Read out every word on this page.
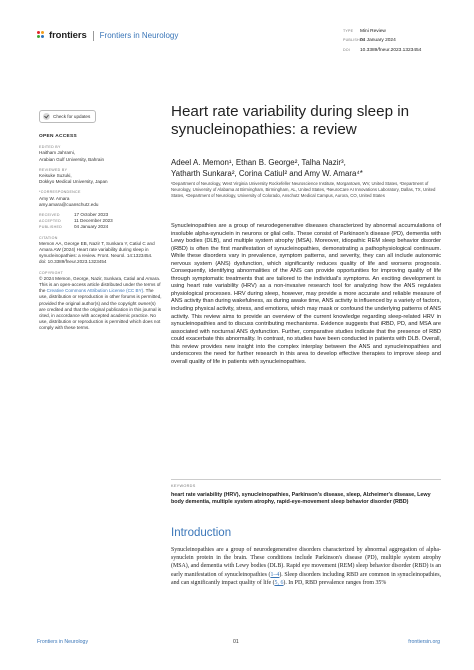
frontiers Frontiers in Neurology	TYPE Mini Review
PUBLISHED04 January 2024
DOI 10.3389/fneur.2023.1323454
Check for updates
OPEN ACCESS
EDITED BY
Haitham Jahrami,
Arabian Gulf University, Bahrain
REVIEWED BY
Keisuke Suzuki,
Dokkyo Medical University, Japan
*CORRESPONDENCE
Amy W. Amara
amy.amara@cuanschutz.edu
RECEIVED	17 October 2023
ACCEPTED	11 December 2023
PUBLISHED	04 January 2024
CITATION
Memon AA, George EB, Nazir T, Sunkara Y, Catiul C and Amara AW (2024) Heart rate variability during sleep in synucleinopathies: a review. Front. Neurol. 14:1323454.
doi: 10.3389/fneur.2023.1323454
COPYRIGHT
© 2024 Memon, George, Nazir, Sunkara, Catiul and Amara. This is an open-access article distributed under the terms of the Creative Commons Attribution License (CC BY). The use, distribution or reproduction in other forums is permitted, provided the original author(s) and the copyright owner(s) are credited and that the original publication in this journal is cited, in accordance with accepted academic practice. No use, distribution or reproduction is permitted which does not comply with these terms.
Heart rate variability during sleep in synucleinopathies: a review
Adeel A. Memon¹, Ethan B. George², Talha Nazir³,
Yatharth Sunkara², Corina Catiul² and Amy W. Amara⁴*
¹Department of Neurology, West Virginia University Rockefeller Neuroscience Institute, Morgantown, WV, United States, ²Department of Neurology, University of Alabama at Birmingham, Birmingham, AL, United States, ³NeuroCare AI Innovations Laboratory, Dallas, TX, United States, ⁴Department of Neurology, University of Colorado, Anschutz Medical Campus, Aurora, CO, United States

Synucleinopathies are a group of neurodegenerative diseases characterized by abnormal accumulations of insoluble alpha-synuclein in neurons or glial cells. These consist of Parkinson's disease (PD), dementia with Lewy bodies (DLB), and multiple system atrophy (MSA). Moreover, idiopathic REM sleep behavior disorder (iRBD) is often the first manifestation of synucleinopathies, demonstrating a pathophysiological continuum. While these disorders vary in prevalence, symptom patterns, and severity, they can all include autonomic nervous system (ANS) dysfunction, which significantly reduces quality of life and worsens prognosis. Consequently, identifying abnormalities of the ANS can provide opportunities for improving quality of life through symptomatic treatments that are tailored to the individual's symptoms. An exciting development is using heart rate variability (HRV) as a non-invasive research tool for analyzing how the ANS regulates physiological processes. HRV during sleep, however, may provide a more accurate and reliable measure of ANS activity than during wakefulness, as during awake time, ANS activity is influenced by a variety of factors, including physical activity, stress, and emotions, which may mask or confound the underlying patterns of ANS activity. This review aims to provide an overview of the current knowledge regarding sleep-related HRV in synucleinopathies and to discuss contributing mechanisms. Evidence suggests that iRBD, PD, and MSA are associated with nocturnal ANS dysfunction. Further, comparative studies indicate that the presence of RBD could exacerbate this abnormality. In contrast, no studies have been conducted in patients with DLB. Overall, this review provides new insight into the complex interplay between the ANS and synucleinopathies and underscores the need for further research in this area to develop effective therapies to improve sleep and overall quality of life in patients with synucleinopathies.

KEYWORDS
heart rate variability (HRV), synucleinopathies, Parkinson's disease, sleep, Alzheimer's disease, Lewy body dementia, multiple system atrophy, rapid-eye-movement sleep behavior disorder (RBD)
Introduction

Synucleinopathies are a group of neurodegenerative disorders characterized by abnormal aggregation of alpha-synuclein protein in the brain. These conditions include Parkinson's disease (PD), multiple system atrophy (MSA), and dementia with Lewy bodies (DLB). Rapid eye movement (REM) sleep behavior disorder (RBD) is an early manifestation of synucleinopathies (1–4). Sleep disorders including RBD are common in synucleinopathies, and can significantly impact quality of life (5, 6). In PD, RBD prevalence ranges from 35%

Frontiers in Neurology	01	frontiersin.org
